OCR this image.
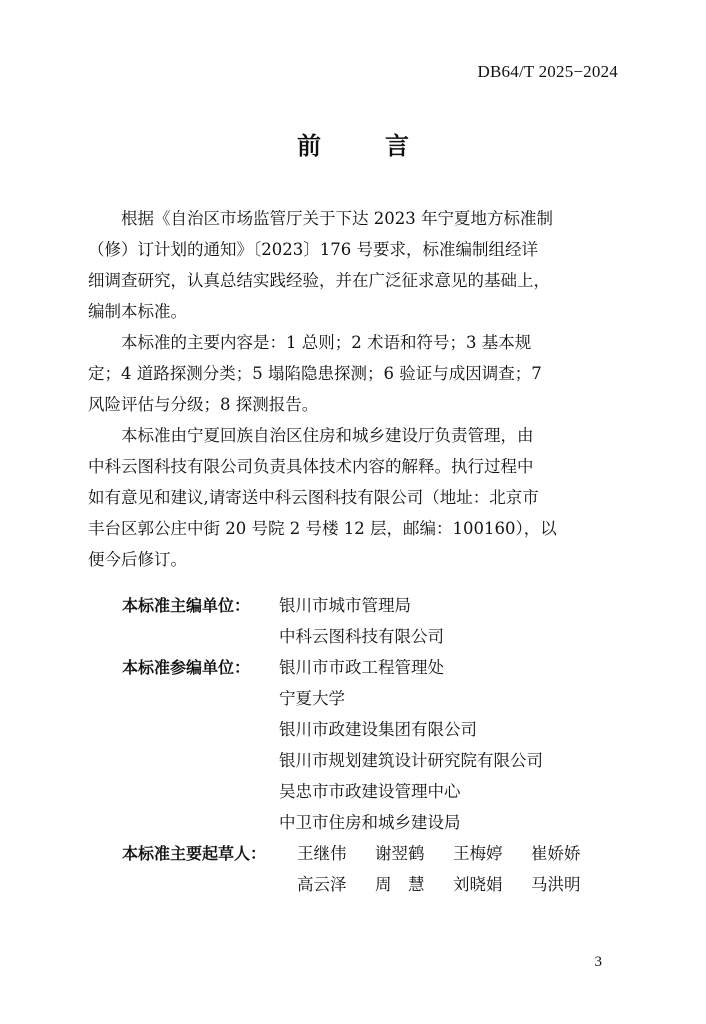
DB64/T 2025−2024
前	言

根据《自治区市场监管厅关于下达 2023 年宁夏地方标准制
（修）订计划的通知》〔2023〕176 号要求，标准编制组经详
细调查研究，认真总结实践经验，并在广泛征求意见的基础上，
编制本标准。

本标准的主要内容是：1 总则；2 术语和符号；3 基本规
定；4 道路探测分类；5 塌陷隐患探测；6 验证与成因调查；7
风险评估与分级；8 探测报告。

本标准由宁夏回族自治区住房和城乡建设厅负责管理，由
中科云图科技有限公司负责具体技术内容的解释。执行过程中
如有意见和建议,请寄送中科云图科技有限公司（地址：北京市
丰台区郭公庄中街 20 号院 2 号楼 12 层，邮编：100160），以
便今后修订。

本标准主编单位：	银川市城市管理局
中科云图科技有限公司
本标准参编单位：	银川市市政工程管理处
宁夏大学
银川市政建设集团有限公司
银川市规划建筑设计研究院有限公司
吴忠市市政建设管理中心
中卫市住房和城乡建设局
本标准主要起草人：	王继伟	谢翌鹤	王梅婷	崔娇娇
高云泽	周　慧	刘晓娟	马洪明
3
